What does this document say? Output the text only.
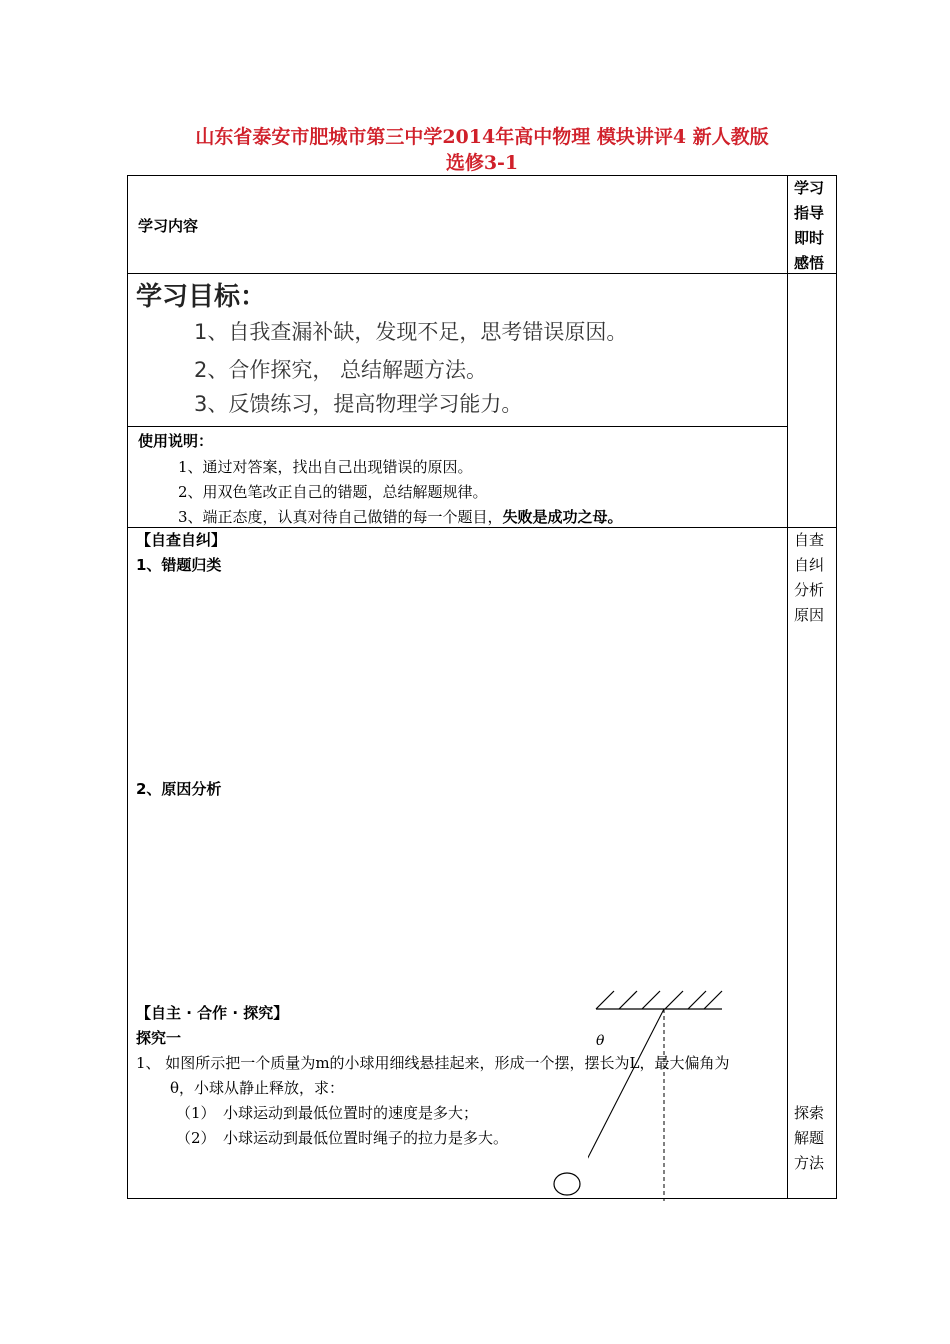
山东省泰安市肥城市第三中学2014年高中物理 模块讲评4 新人教版
选修3-1
学习内容
学习
指导
即时
感悟
学习目标：
1、自我查漏补缺，发现不足，思考错误原因。
2、合作探究， 总结解题方法。
3、反馈练习，提高物理学习能力。
使用说明：
1、通过对答案，找出自己出现错误的原因。
2、用双色笔改正自己的错题，总结解题规律。
3、端正态度，认真对待自己做错的每一个题目，失败是成功之母。
【自查自纠】
1、错题归类
2、原因分析
自查
自纠
分析
原因
【自主 · 合作 · 探究】
探究一
1、 如图所示把一个质量为m的小球用细线悬挂起来，形成一个摆，摆长为L，最大偏角为
θ，小球从静止释放，求：
（1）　小球运动到最低位置时的速度是多大；
（2）　小球运动到最低位置时绳子的拉力是多大。
探索
解题
方法
θ
